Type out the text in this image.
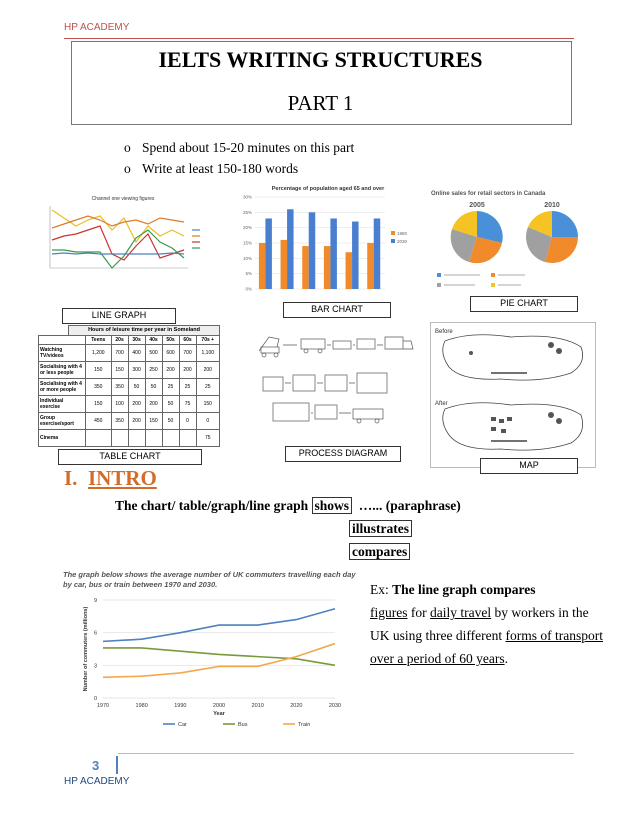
HP ACADEMY
IELTS WRITING STRUCTURES
PART 1
o Spend about 15-20 minutes on this part
o Write at least 150-180 words
Channel one viewing figures
LINE GRAPH
Percentage of population aged 65 and over
0%
5%
10%
15%
20%
25%
30%
1980
2030
BAR CHART
Online sales for retail sectors in Canada
2005	2010
PIE CHART
Hours of leisure time per year in Someland
	Teens	20s	30s	40s	50s	60s	70s +
Watching TV/videos	1,200	700	400	500	600	700	1,100
Socialising with 4 or less people	150	150	300	250	200	200	200
Socialising with 4 or more people	350	350	50	50	25	25	25
Individual exercise	150	100	200	200	50	75	150
Group exercise/sport	450	350	200	150	50	0	0
Cinema							75
TABLE CHART	PROCESS DIAGRAM
Before
After
MAP
I. INTRO
The chart/ table/graph/line graph shows …... (paraphrase)
illustrates
compares
The graph below shows the average number of UK commuters travelling each day by car, bus or train between 1970 and 2030.
0
3
6
9
1970	1980	1990	2000	2010	2020	2030
Year
Number of commuters (millions)
Car	Bus	Train
Ex: The line graph compares
figures for daily travel by workers in the UK using three different forms of transport over a period of 60 years.
3
HP ACADEMY
